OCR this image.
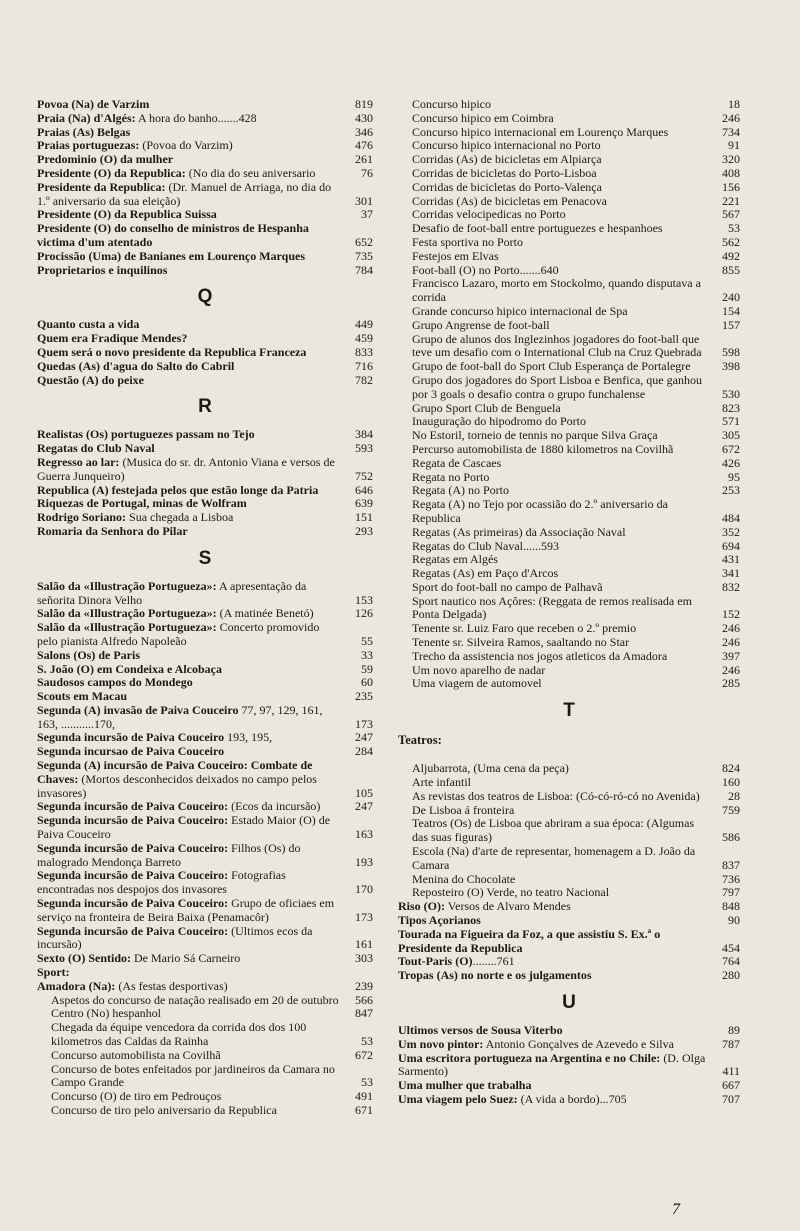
Povoa (Na) de Varzim	819
Praia (Na) d'Algés: A hora do banho.......428	430
Praias (As) Belgas	346
Praias portuguezas: (Povoa do Varzim)	476
Predominio (O) da mulher	261
Presidente (O) da Republica: (No dia do seu aniversario	76
Presidente da Republica: (Dr. Manuel de Arriaga, no dia do 1.º aniversario da sua eleição)	301
Presidente (O) da Republica Suissa	37
Presidente (O) do conselho de ministros de Hespanha victima d'um atentado	652
Procissão (Uma) de Banianes em Lourenço Marques	735
Proprietarios e inquilinos	784
Q
Quanto custa a vida	449
Quem era Fradique Mendes?	459
Quem será o novo presidente da Republica Franceza	833
Quedas (As) d'agua do Salto do Cabril	716
Questão (A) do peixe	782
R
Realistas (Os) portuguezes passam no Tejo	384
Regatas do Club Naval	593
Regresso ao lar: (Musica do sr. dr. Antonio Viana e versos de Guerra Junqueiro)	752
Republica (A) festejada pelos que estão longe da Patria	646
Riquezas de Portugal, minas de Wolfram	639
Rodrigo Soriano: Sua chegada a Lisboa	151
Romaria da Senhora do Pilar	293
S
Salão da «Illustração Portugueza»: A apresentação da señorita Dinora Velho	153
Salão da «Illustração Portugueza»: (A matinée Benetó)	126
Salão da «Illustração Portugueza»: Concerto promovido pelo pianista Alfredo Napoleão	55
Salons (Os) de Paris	33
S. João (O) em Condeixa e Alcobaça	59
Saudosos campos do Mondego	60
Scouts em Macau	235
Segunda (A) invasão de Paiva Couceiro 77, 97, 129, 161, 163, ...........170,	173
Segunda incursão de Paiva Couceiro 193, 195,	247
Segunda incursao de Paiva Couceiro	284
Segunda (A) incursão de Paiva Couceiro: Combate de Chaves: (Mortos desconhecidos deixados no campo pelos invasores)	105
Segunda incursão de Paiva Couceiro: (Ecos da incursão)	247
Segunda incursão de Paiva Couceiro: Estado Maior (O) de Paiva Couceiro	163
Segunda incursão de Paiva Couceiro: Filhos (Os) do malogrado Mendonça Barreto	193
Segunda incursão de Paiva Couceiro: Fotografias encontradas nos despojos dos invasores	170
Segunda incursão de Paiva Couceiro: Grupo de oficiaes em serviço na fronteira de Beira Baixa (Penamacôr)	173
Segunda incursão de Paiva Couceiro: (Ultimos ecos da incursão)	161
Sexto (O) Sentido: De Mario Sá Carneiro	303
Sport:
Amadora (Na): (As festas desportivas)	239
Aspetos do concurso de natação realisado em 20 de outubro	566
Centro (No) hespanhol	847
Chegada da équipe vencedora da corrida dos dos 100 kilometros das Caldas da Rainha	53
Concurso automobilista na Covilhã	672
Concurso de botes enfeitados por jardineiros da Camara no Campo Grande	53
Concurso (O) de tiro em Pedrouços	491
Concurso de tiro pelo aniversario da Republica	671
Concurso hipico	18
Concurso hipico em Coimbra	246
Concurso hipico internacional em Lourenço Marques	734
Concurso hipico internacional no Porto	91
Corridas (As) de bicicletas em Alpiarça	320
Corridas de bicicletas do Porto-Lisboa	408
Corridas de bicicletas do Porto-Valença	156
Corridas (As) de bicicletas em Penacova	221
Corridas velocipedicas no Porto	567
Desafio de foot-ball entre portuguezes e hespanhoes	53
Festa sportiva no Porto	562
Festejos em Elvas	492
Foot-ball (O) no Porto.......640	855
Francisco Lazaro, morto em Stockolmo, quando disputava a corrida	240
Grande concurso hipico internacional de Spa	154
Grupo Angrense de foot-ball	157
Grupo de alunos dos Inglezinhos jogadores do foot-ball que teve um desafio com o International Club na Cruz Quebrada	598
Grupo de foot-ball do Sport Club Esperança de Portalegre	398
Grupo dos jogadores do Sport Lisboa e Benfica, que ganhou por 3 goals o desafio contra o grupo funchalense	530
Grupo Sport Club de Benguela	823
Inauguração do hipodromo do Porto	571
No Estoril, torneio de tennis no parque Silva Graça	305
Percurso automobilista de 1880 kilometros na Covilhã	672
Regata de Cascaes	426
Regata no Porto	95
Regata (A) no Porto	253
Regata (A) no Tejo por ocassião do 2.º aniversario da Republica	484
Regatas (As primeiras) da Associação Naval	352
Regatas do Club Naval......593	694
Regatas em Algés	431
Regatas (As) em Paço d'Arcos	341
Sport do foot-ball no campo de Palhavã	832
Sport nautico nos Açôres: (Reggata de remos realisada em Ponta Delgada)	152
Tenente sr. Luiz Faro que receben o 2.º premio	246
Tenente sr. Silveira Ramos, saaltando no Star	246
Trecho da assistencia nos jogos atleticos da Amadora	397
Um novo aparelho de nadar	246
Uma viagem de automovel	285
T
Teatros:
Aljubarrota, (Uma cena da peça)	824
Arte infantil	160
As revistas dos teatros de Lisboa: (Có-có-ró-có no Avenida)	28
De Lisboa á fronteira	759
Teatros (Os) de Lisboa que abriram a sua época: (Algumas das suas figuras)	586
Escola (Na) d'arte de representar, homenagem a D. João da Camara	837
Menina do Chocolate	736
Reposteiro (O) Verde, no teatro Nacional	797
Riso (O): Versos de Alvaro Mendes	848
Tipos Açorianos	90
Tourada na Figueira da Foz, a que assistiu S. Ex.ª o Presidente da Republica	454
Tout-Paris (O)........761	764
Tropas (As) no norte e os julgamentos	280
U
Ultimos versos de Sousa Viterbo	89
Um novo pintor: Antonio Gonçalves de Azevedo e Silva	787
Uma escritora portugueza na Argentina e no Chile: (D. Olga Sarmento)	411
Uma mulher que trabalha	667
Uma viagem pelo Suez: (A vida a bordo)...705	707
7
